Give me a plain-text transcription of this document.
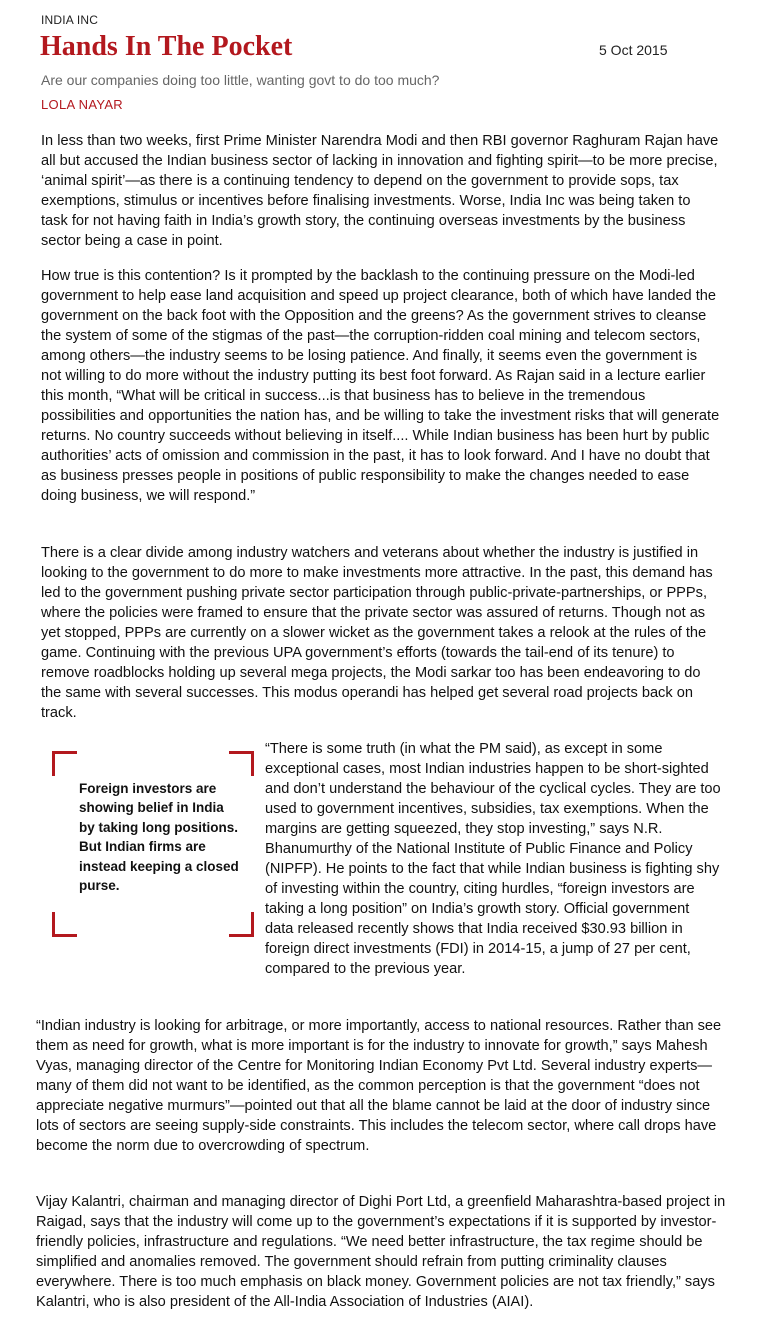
INDIA INC
Hands In The Pocket	5 Oct 2015
Are our companies doing too little, wanting govt to do too much?
LOLA NAYAR
In less than two weeks, first Prime Minister Narendra Modi and then RBI governor Raghuram Rajan have all but accused the Indian business sector of lacking in innovation and fighting spirit—to be more precise, ‘animal spirit’—as there is a continuing tendency to depend on the government to provide sops, tax exemptions, stimulus or incentives before finalising investments. Worse, India Inc was being taken to task for not having faith in India’s growth story, the continuing overseas investments by the business sector being a case in point.
How true is this contention? Is it prompted by the backlash to the continuing pressure on the Modi-led government to help ease land acquisition and speed up project clearance, both of which have landed the government on the back foot with the Opposition and the greens? As the government strives to cleanse the system of some of the stigmas of the past—the corruption-ridden coal mining and telecom sectors, among others—the industry seems to be losing patience. And finally, it seems even the government is not willing to do more without the industry putting its best foot forward. As Rajan said in a lecture earlier this month, “What will be critical in success...is that business has to believe in the tremendous possibilities and opportunities the nation has, and be willing to take the investment risks that will generate returns. No country succeeds without believing in itself.... While Indian business has been hurt by public authorities’ acts of omission and commission in the past, it has to look forward. And I have no doubt that as business presses people in positions of public responsibility to make the changes needed to ease doing business, we will respond.”
There is a clear divide among industry watchers and veterans about whether the industry is justified in looking to the government to do more to make investments more attractive. In the past, this demand has led to the government pushing private sector participation through public-private-partnerships, or PPPs, where the policies were framed to ensure that the private sector was assured of returns. Though not as yet stopped, PPPs are currently on a slower wicket as the government takes a relook at the rules of the game. Continuing with the previous UPA government’s efforts (towards the tail-end of its tenure) to remove roadblocks holding up several mega projects, the Modi sarkar too has been endeavoring to do the same with several successes. This modus operandi has helped get several road projects back on track.
“There is some truth (in what the PM said), as except in some exceptional cases, most Indian industries happen to be short-sighted and don’t understand the behaviour of the cyclical cycles. They are too used to government incentives, subsidies, tax exemptions. When the margins are getting squeezed, they stop investing,” says N.R. Bhanumurthy of the National Institute of Public Finance and Policy (NIPFP). He points to the fact that while Indian business is fighting shy of investing within the country, citing hurdles, “foreign investors are taking a long position” on India’s growth story. Official government data released recently shows that India received $30.93 billion in foreign direct investments (FDI) in 2014-15, a jump of 27 per cent, compared to the previous year.
“Indian industry is looking for arbitrage, or more importantly, access to national resources. Rather than see them as need for growth, what is more important is for the industry to innovate for growth,” says Mahesh Vyas, managing director of the Centre for Monitoring Indian Economy Pvt Ltd. Several industry experts—many of them did not want to be identified, as the common perception is that the government “does not appreciate negative murmurs”—pointed out that all the blame cannot be laid at the door of industry since lots of sectors are seeing supply-side constraints. This includes the telecom sector, where call drops have become the norm due to overcrowding of spectrum.
Vijay Kalantri, chairman and managing director of Dighi Port Ltd, a greenfield Maharashtra-based project in Raigad, says that the industry will come up to the government’s expectations if it is supported by investor-friendly policies, infrastructure and regulations. “We need better infrastructure, the tax regime should be simplified and anomalies removed. The government should refrain from putting criminality clauses everywhere. There is too much emphasis on black money. Government policies are not tax friendly,” says Kalantri, who is also president of the All-India Association of Industries (AIAI).
Foreign investors are showing belief in India by taking long positions. But Indian firms are instead keeping a closed purse.
